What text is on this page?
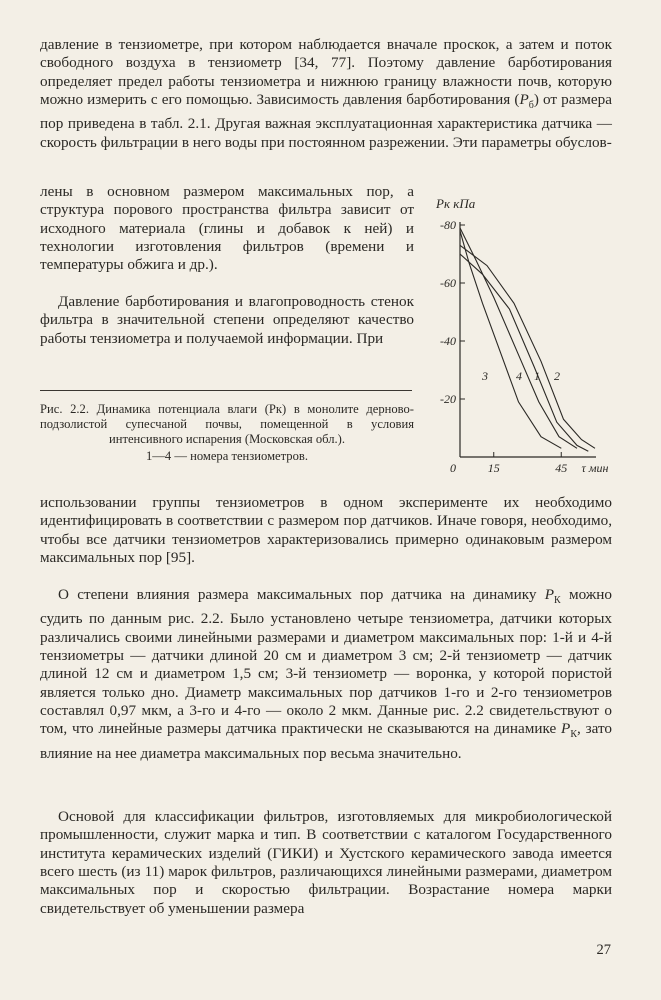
давление в тензиометре, при котором наблюдается вначале проскок, а затем и поток свободного воздуха в тензиометр [34, 77]. Поэтому давление барботирования определяет предел работы тензиометра и нижнюю границу влажности почв, которую можно измерить с его помощью. Зависимость давления барботирования $(P_б)$ от размера пор приведена в табл. 2.1. Другая важная эксплуатационная характеристика датчика — скорость фильтрации в него воды при постоянном разрежении. Эти параметры обуслов-

лены в основном размером максимальных пор, а структура порового пространства фильтра зависит от исходного материала (глины и добавок к ней) и технологии изготовления фильтров (времени и температуры обжига и др.).

Давление барботирования и влагопроводность стенок фильтра в значительной степени определяют качество работы тензиометра и получаемой информации. При

Рис. 2.2. Динамика потенциала влаги (Pк) в монолите дерново-подзолистой супесчаной почвы, помещенной в условия интенсивного испарения (Московская обл.).
1—4 — номера тензиометров.

Pк кПа
-80
-60
-40
-20
0	15	45 τ мин
3 4 1 2

использовании группы тензиометров в одном эксперименте их необходимо идентифицировать в соответствии с размером пор датчиков. Иначе говоря, необходимо, чтобы все датчики тензиометров характеризовались примерно одинаковым размером максимальных пор [95].

О степени влияния размера максимальных пор датчика на динамику $P_К$ можно судить по данным рис. 2.2. Было установлено четыре тензиометра, датчики которых различались своими линейными размерами и диаметром максимальных пор: 1-й и 4-й тензиометры — датчики длиной 20 см и диаметром 3 см; 2-й тензиометр — датчик длиной 12 см и диаметром 1,5 см; 3-й тензиометр — воронка, у которой пористой является только дно. Диаметр максимальных пор датчиков 1-го и 2-го тензиометров составлял 0,97 мкм, а 3-го и 4-го — около 2 мкм. Данные рис. 2.2 свидетельствуют о том, что линейные размеры датчика практически не сказываются на динамике $P_К$, зато влияние на нее диаметра максимальных пор весьма значительно.

Основой для классификации фильтров, изготовляемых для микробиологической промышленности, служит марка и тип. В соответствии с каталогом Государственного института керамических изделий (ГИКИ) и Хустского керамического завода имеется всего шесть (из 11) марок фильтров, различающихся линейными размерами, диаметром максимальных пор и скоростью фильтрации. Возрастание номера марки свидетельствует об уменьшении размера

27
